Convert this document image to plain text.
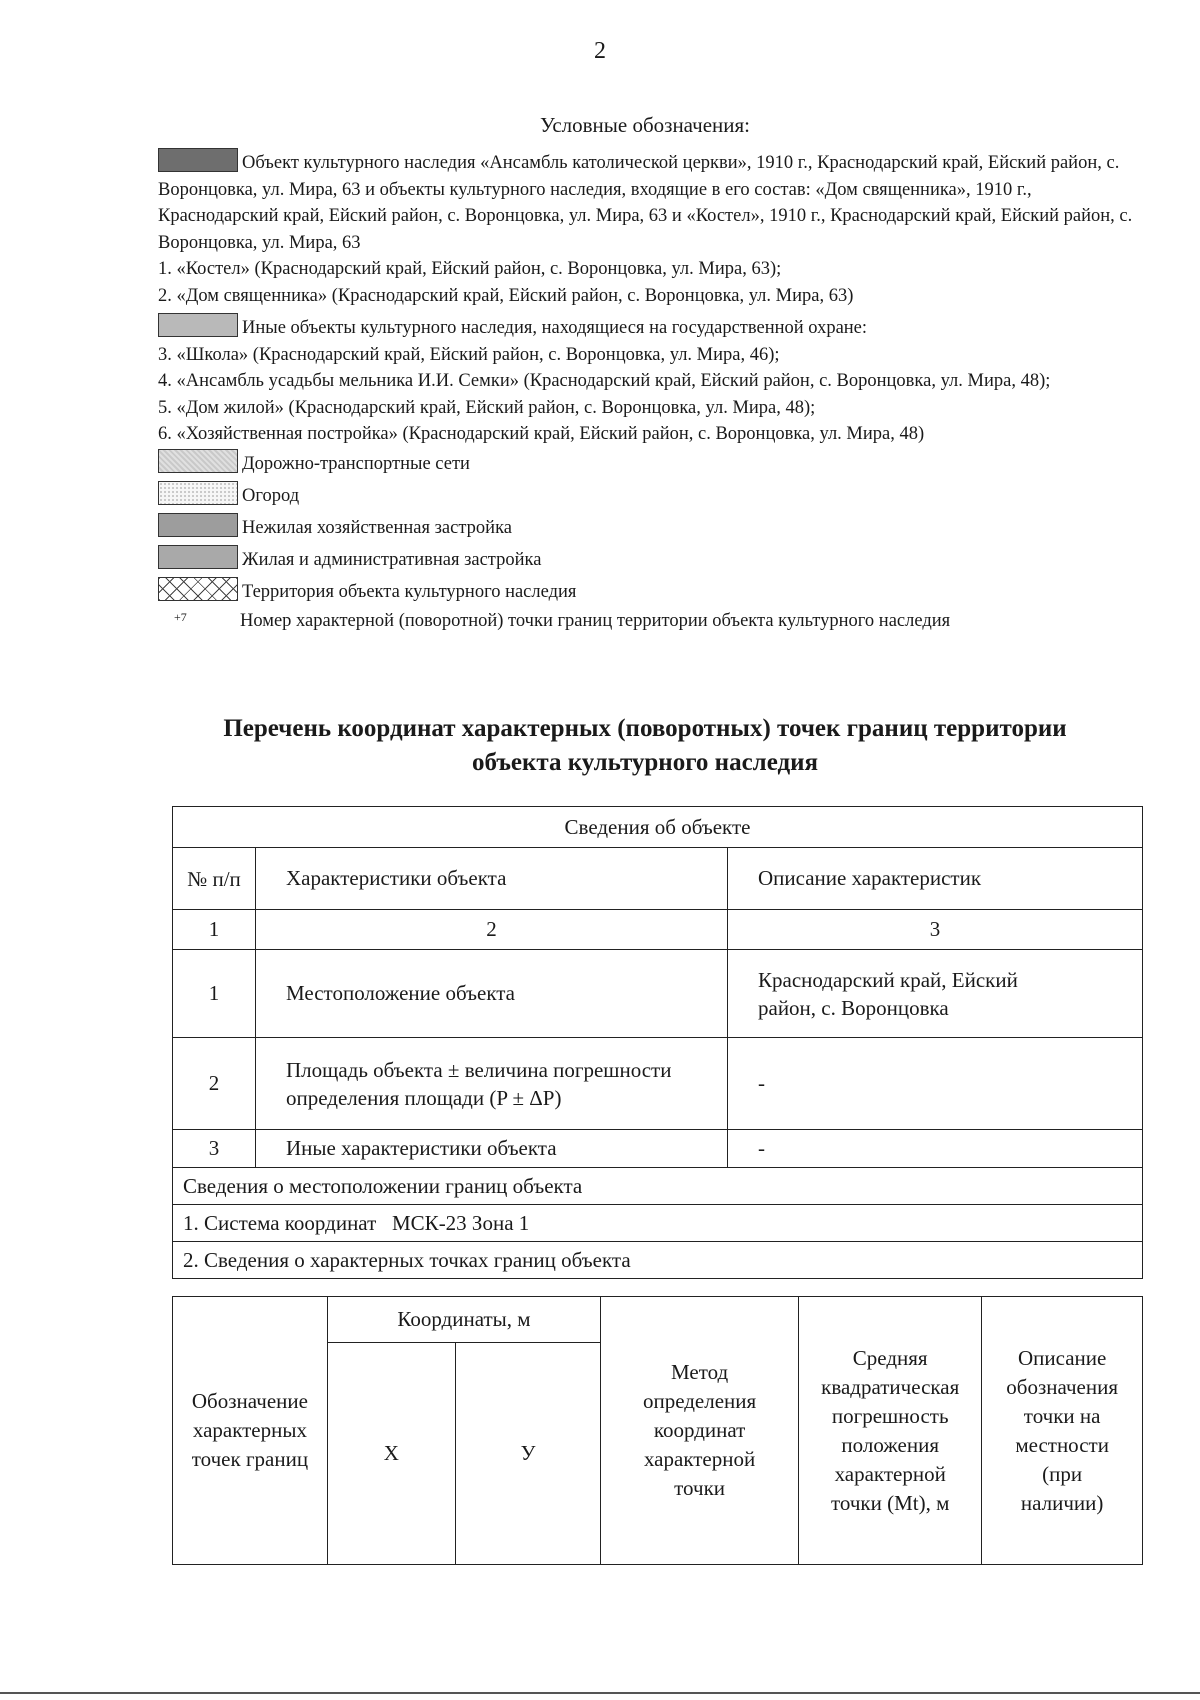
2
Условные обозначения:

Объект культурного наследия «Ансамбль католической церкви», 1910 г., Краснодарский край, Ейский район, с. Воронцовка, ул. Мира, 63 и объекты культурного наследия, входящие в его состав: «Дом священника», 1910 г., Краснодарский край, Ейский район, с. Воронцовка, ул. Мира, 63 и «Костел», 1910 г., Краснодарский край, Ейский район, с. Воронцовка, ул. Мира, 63

1. «Костел» (Краснодарский край, Ейский район, с. Воронцовка, ул. Мира, 63);

2. «Дом священника» (Краснодарский край, Ейский район, с. Воронцовка, ул. Мира, 63)

Иные объекты культурного наследия, находящиеся на государственной охране:

3. «Школа» (Краснодарский край, Ейский район, с. Воронцовка, ул. Мира, 46);

4. «Ансамбль усадьбы мельника И.И. Семки» (Краснодарский край, Ейский район, с. Воронцовка, ул. Мира, 48);

5. «Дом жилой» (Краснодарский край, Ейский район, с. Воронцовка, ул. Мира, 48);

6. «Хозяйственная постройка» (Краснодарский край, Ейский район, с. Воронцовка, ул. Мира, 48)

Дорожно-транспортные сети

Огород

Нежилая хозяйственная застройка

Жилая и административная застройка

Территория объекта культурного наследия

+7	Номер характерной (поворотной) точки границ территории объекта культурного наследия
Перечень координат характерных (поворотных) точек границ территории
объекта культурного наследия
Сведения об объекте		
№ п/п	Характеристики объекта	Описание характеристик
1	2	3
1	Местоположение объекта	Краснодарский край, Ейский район, с. Воронцовка
2	Площадь объекта ± величина погрешности определения площади (P ± ΔP)	-
3	Иные характеристики объекта	-
Сведения о местоположении границ объекта		
1. Система координат   МСК-23 Зона 1		
2. Сведения о характерных точках границ объекта		
Обозначение характерных точек границ	Координаты, м		Метод определения координат характерной точки	Средняя квадратическая погрешность положения характерной точки (Mt), м	Описание обозначения точки на местности (при наличии)
	X	У			
